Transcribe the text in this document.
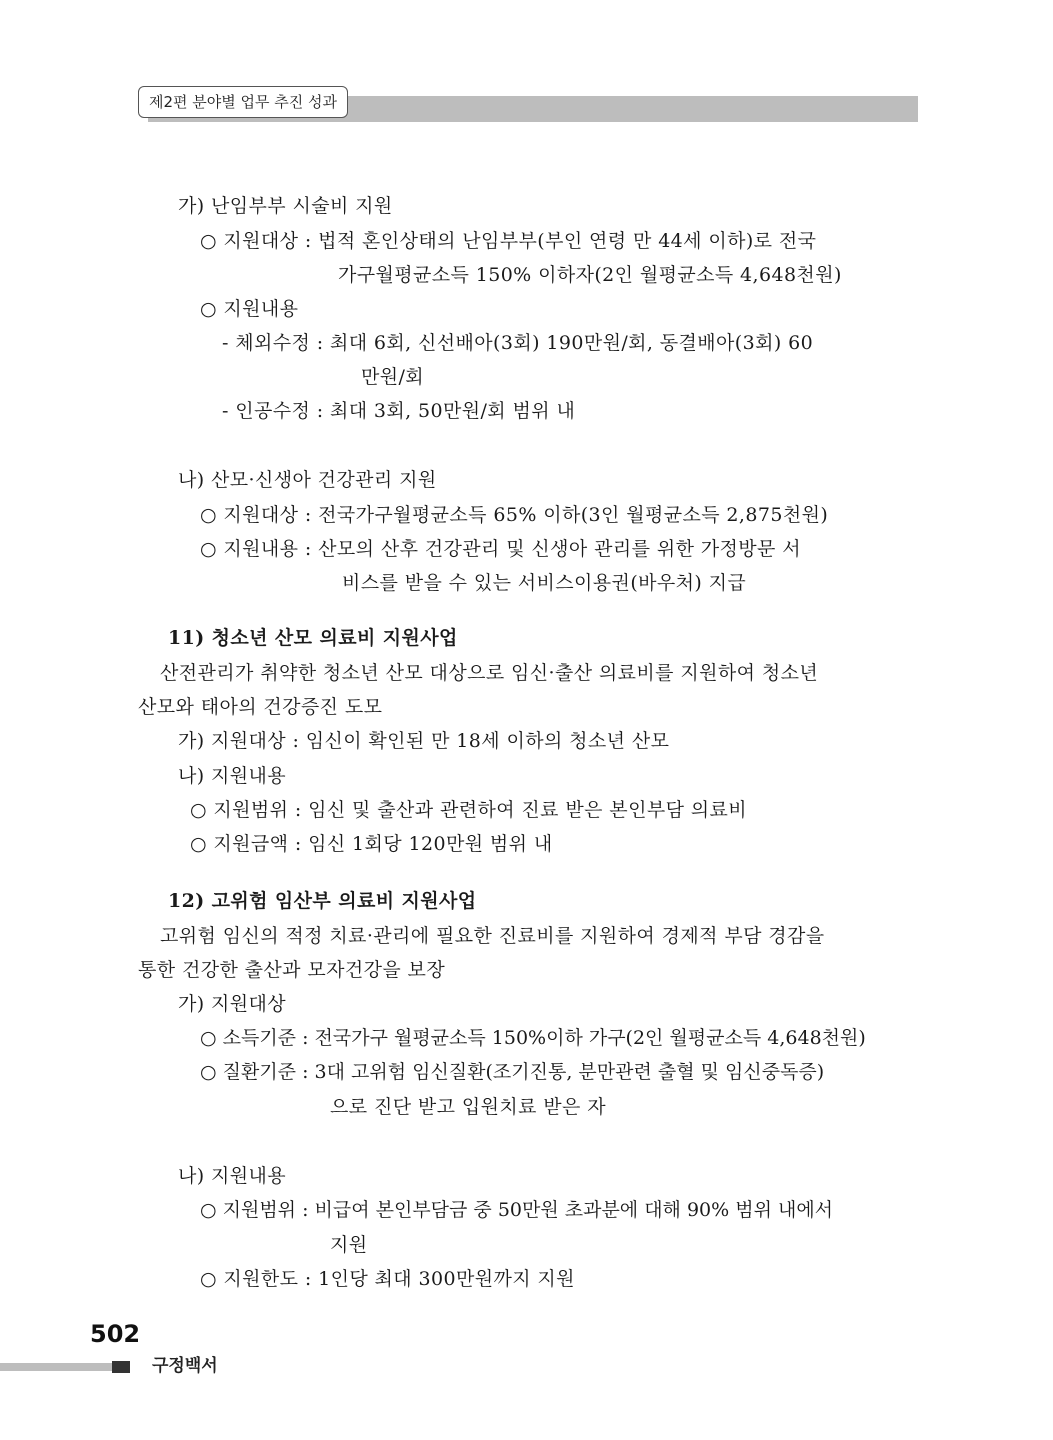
제2편 분야별 업무 추진 성과
가) 난임부부 시술비 지원
○ 지원대상 : 법적 혼인상태의 난임부부(부인 연령 만 44세 이하)로 전국
가구월평균소득 150% 이하자(2인 월평균소득 4,648천원)
○ 지원내용
- 체외수정 : 최대 6회, 신선배아(3회) 190만원/회, 동결배아(3회) 60
만원/회
- 인공수정 : 최대 3회, 50만원/회 범위 내
나) 산모·신생아 건강관리 지원
○ 지원대상 : 전국가구월평균소득 65% 이하(3인 월평균소득 2,875천원)
○ 지원내용 : 산모의 산후 건강관리 및 신생아 관리를 위한 가정방문 서
비스를 받을 수 있는 서비스이용권(바우처) 지급
11) 청소년 산모 의료비 지원사업
산전관리가 취약한 청소년 산모 대상으로 임신·출산 의료비를 지원하여 청소년
산모와 태아의 건강증진 도모
가) 지원대상 : 임신이 확인된 만 18세 이하의 청소년 산모
나) 지원내용
○ 지원범위 : 임신 및 출산과 관련하여 진료 받은 본인부담 의료비
○ 지원금액 : 임신 1회당 120만원 범위 내
12) 고위험 임산부 의료비 지원사업
고위험 임신의 적정 치료·관리에 필요한 진료비를 지원하여 경제적 부담 경감을
통한 건강한 출산과 모자건강을 보장
가) 지원대상
○ 소득기준 : 전국가구 월평균소득 150%이하 가구(2인 월평균소득 4,648천원)
○ 질환기준 : 3대 고위험 임신질환(조기진통, 분만관련 출혈 및 임신중독증)
으로 진단 받고 입원치료 받은 자
나) 지원내용
○ 지원범위 : 비급여 본인부담금 중 50만원 초과분에 대해 90% 범위 내에서
지원
○ 지원한도 : 1인당 최대 300만원까지 지원
502
구정백서
